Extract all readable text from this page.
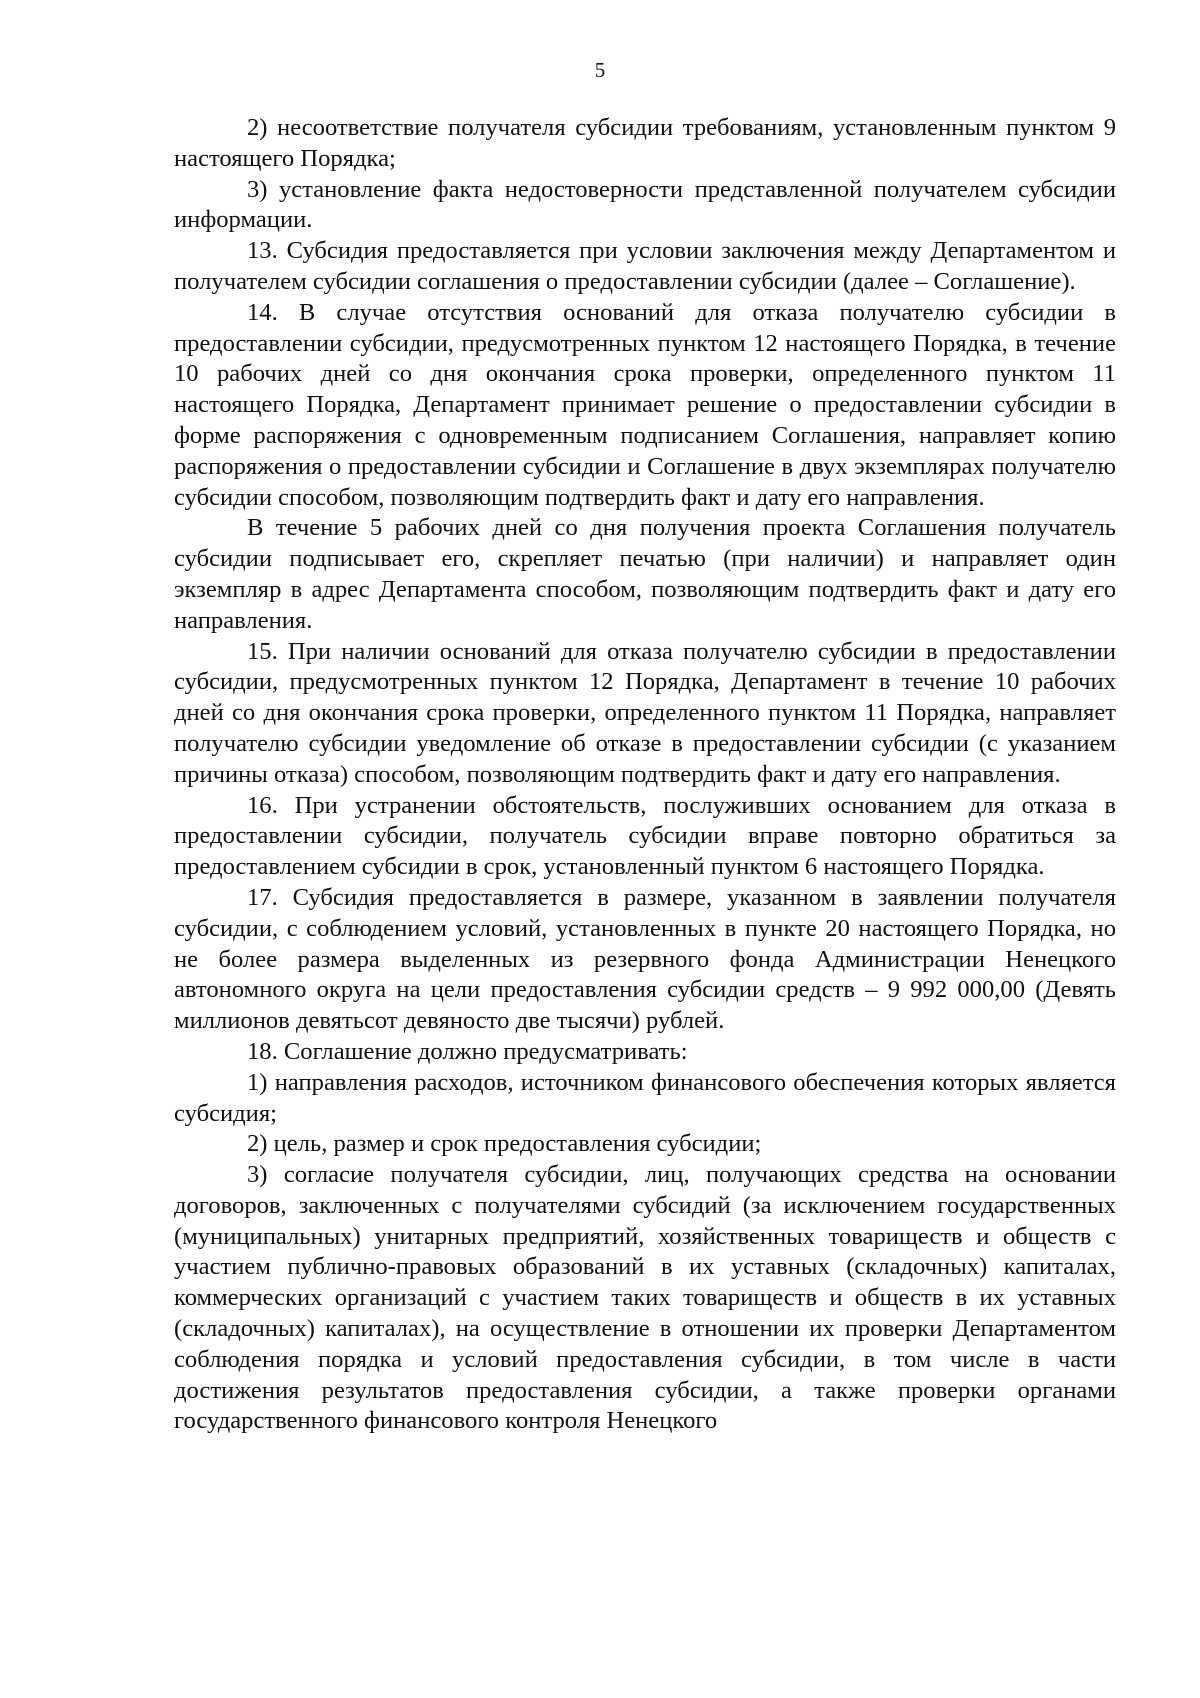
5

2) несоответствие получателя субсидии требованиям, установленным пунктом 9 настоящего Порядка;

3) установление факта недостоверности представленной получателем субсидии информации.

13. Субсидия предоставляется при условии заключения между Департаментом и получателем субсидии соглашения о предоставлении субсидии (далее – Соглашение).

14. В случае отсутствия оснований для отказа получателю субсидии в предоставлении субсидии, предусмотренных пунктом 12 настоящего Порядка, в течение 10 рабочих дней со дня окончания срока проверки, определенного пунктом 11 настоящего Порядка, Департамент принимает решение о предоставлении субсидии в форме распоряжения с одновременным подписанием Соглашения, направляет копию распоряжения о предоставлении субсидии и Соглашение в двух экземплярах получателю субсидии способом, позволяющим подтвердить факт и дату его направления.

В течение 5 рабочих дней со дня получения проекта Соглашения получатель субсидии подписывает его, скрепляет печатью (при наличии) и направляет один экземпляр в адрес Департамента способом, позволяющим подтвердить факт и дату его направления.

15. При наличии оснований для отказа получателю субсидии в предоставлении субсидии, предусмотренных пунктом 12 Порядка, Департамент в течение 10 рабочих дней со дня окончания срока проверки, определенного пунктом 11 Порядка, направляет получателю субсидии уведомление об отказе в предоставлении субсидии (с указанием причины отказа) способом, позволяющим подтвердить факт и дату его направления.

16. При устранении обстоятельств, послуживших основанием для отказа в предоставлении субсидии, получатель субсидии вправе повторно обратиться за предоставлением субсидии в срок, установленный пунктом 6 настоящего Порядка.

17. Субсидия предоставляется в размере, указанном в заявлении получателя субсидии, с соблюдением условий, установленных в пункте 20 настоящего Порядка, но не более размера выделенных из резервного фонда Администрации Ненецкого автономного округа на цели предоставления субсидии средств – 9 992 000,00 (Девять миллионов девятьсот девяносто две тысячи) рублей.

18. Соглашение должно предусматривать:

1) направления расходов, источником финансового обеспечения которых является субсидия;

2) цель, размер и срок предоставления субсидии;

3) согласие получателя субсидии, лиц, получающих средства на основании договоров, заключенных с получателями субсидий (за исключением государственных (муниципальных) унитарных предприятий, хозяйственных товариществ и обществ с участием публично-правовых образований в их уставных (складочных) капиталах, коммерческих организаций с участием таких товариществ и обществ в их уставных (складочных) капиталах), на осуществление в отношении их проверки Департаментом соблюдения порядка и условий предоставления субсидии, в том числе в части достижения результатов предоставления субсидии, а также проверки органами государственного финансового контроля Ненецкого
